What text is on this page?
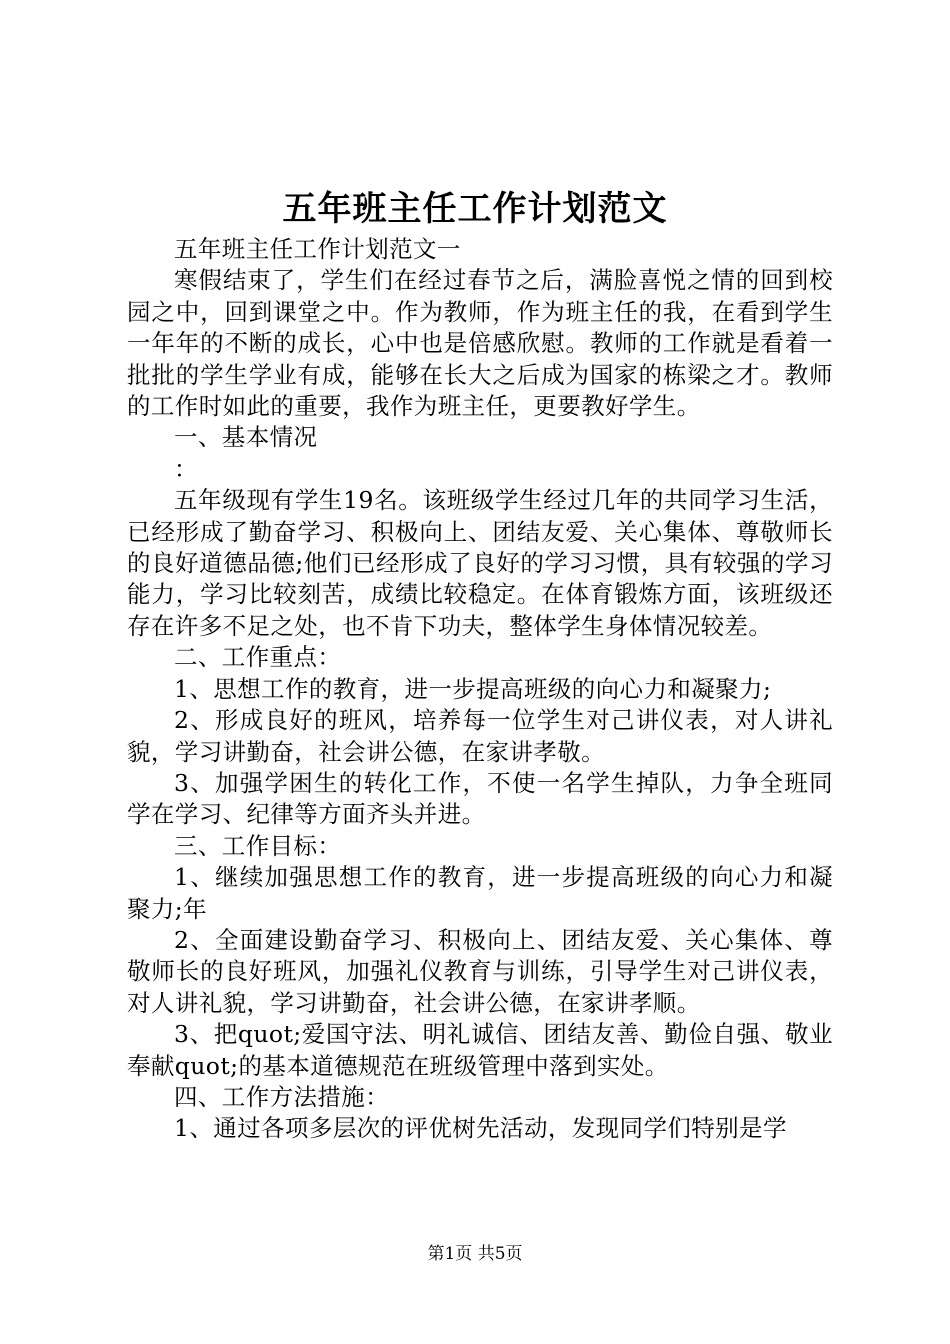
五年班主任工作计划范文

五年班主任工作计划范文一

寒假结束了，学生们在经过春节之后，满脸喜悦之情的回到校园之中，回到课堂之中。作为教师，作为班主任的我，在看到学生一年年的不断的成长，心中也是倍感欣慰。教师的工作就是看着一批批的学生学业有成，能够在长大之后成为国家的栋梁之才。教师的工作时如此的重要，我作为班主任，更要教好学生。

一、基本情况

：

五年级现有学生19名。该班级学生经过几年的共同学习生活，已经形成了勤奋学习、积极向上、团结友爱、关心集体、尊敬师长的良好道德品德;他们已经形成了良好的学习习惯，具有较强的学习能力，学习比较刻苦，成绩比较稳定。在体育锻炼方面，该班级还存在许多不足之处，也不肯下功夫，整体学生身体情况较差。

二、工作重点：

1、思想工作的教育，进一步提高班级的向心力和凝聚力;

2、形成良好的班风，培养每一位学生对己讲仪表，对人讲礼貌，学习讲勤奋，社会讲公德，在家讲孝敬。

3、加强学困生的转化工作，不使一名学生掉队，力争全班同学在学习、纪律等方面齐头并进。

三、工作目标：

1、继续加强思想工作的教育，进一步提高班级的向心力和凝聚力;年

2、全面建设勤奋学习、积极向上、团结友爱、关心集体、尊敬师长的良好班风，加强礼仪教育与训练，引导学生对己讲仪表，对人讲礼貌，学习讲勤奋，社会讲公德，在家讲孝顺。

3、把quot;爱国守法、明礼诚信、团结友善、勤俭自强、敬业奉献quot;的基本道德规范在班级管理中落到实处。

四、工作方法措施：

1、通过各项多层次的评优树先活动，发现同学们特别是学

第1页 共5页
